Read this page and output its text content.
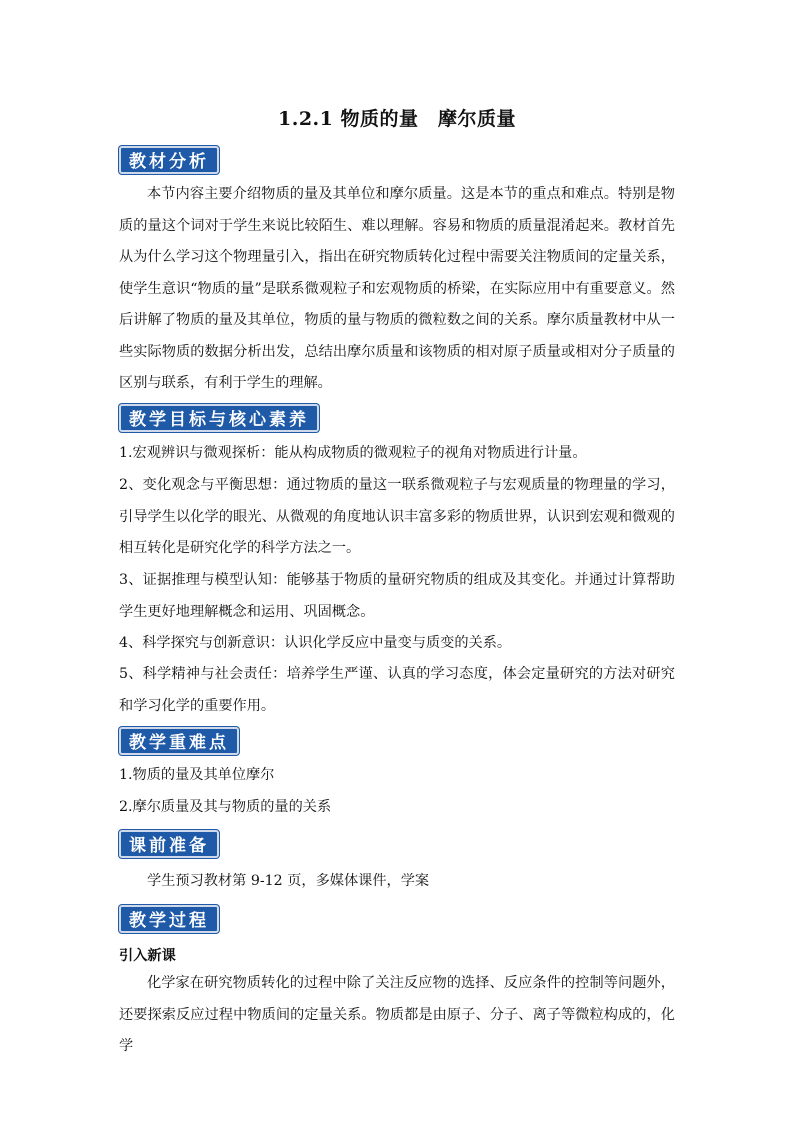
1.2.1 物质的量　摩尔质量
教材分析

本节内容主要介绍物质的量及其单位和摩尔质量。这是本节的重点和难点。特别是物质的量这个词对于学生来说比较陌生、难以理解。容易和物质的质量混淆起来。教材首先从为什么学习这个物理量引入，指出在研究物质转化过程中需要关注物质间的定量关系，使学生意识“物质的量”是联系微观粒子和宏观物质的桥梁，在实际应用中有重要意义。然后讲解了物质的量及其单位，物质的量与物质的微粒数之间的关系。摩尔质量教材中从一些实际物质的数据分析出发，总结出摩尔质量和该物质的相对原子质量或相对分子质量的区别与联系，有利于学生的理解。

教学目标与核心素养

1.宏观辨识与微观探析：能从构成物质的微观粒子的视角对物质进行计量。

2、变化观念与平衡思想：通过物质的量这一联系微观粒子与宏观质量的物理量的学习，引导学生以化学的眼光、从微观的角度地认识丰富多彩的物质世界，认识到宏观和微观的相互转化是研究化学的科学方法之一。

3、证据推理与模型认知：能够基于物质的量研究物质的组成及其变化。并通过计算帮助学生更好地理解概念和运用、巩固概念。

4、科学探究与创新意识：认识化学反应中量变与质变的关系。

5、科学精神与社会责任：培养学生严谨、认真的学习态度，体会定量研究的方法对研究和学习化学的重要作用。

教学重难点
1.物质的量及其单位摩尔
2.摩尔质量及其与物质的量的关系
课前准备
学生预习教材第 9-12 页，多媒体课件，学案
教学过程
引入新课

化学家在研究物质转化的过程中除了关注反应物的选择、反应条件的控制等问题外，还要探索反应过程中物质间的定量关系。物质都是由原子、分子、离子等微粒构成的，化学
